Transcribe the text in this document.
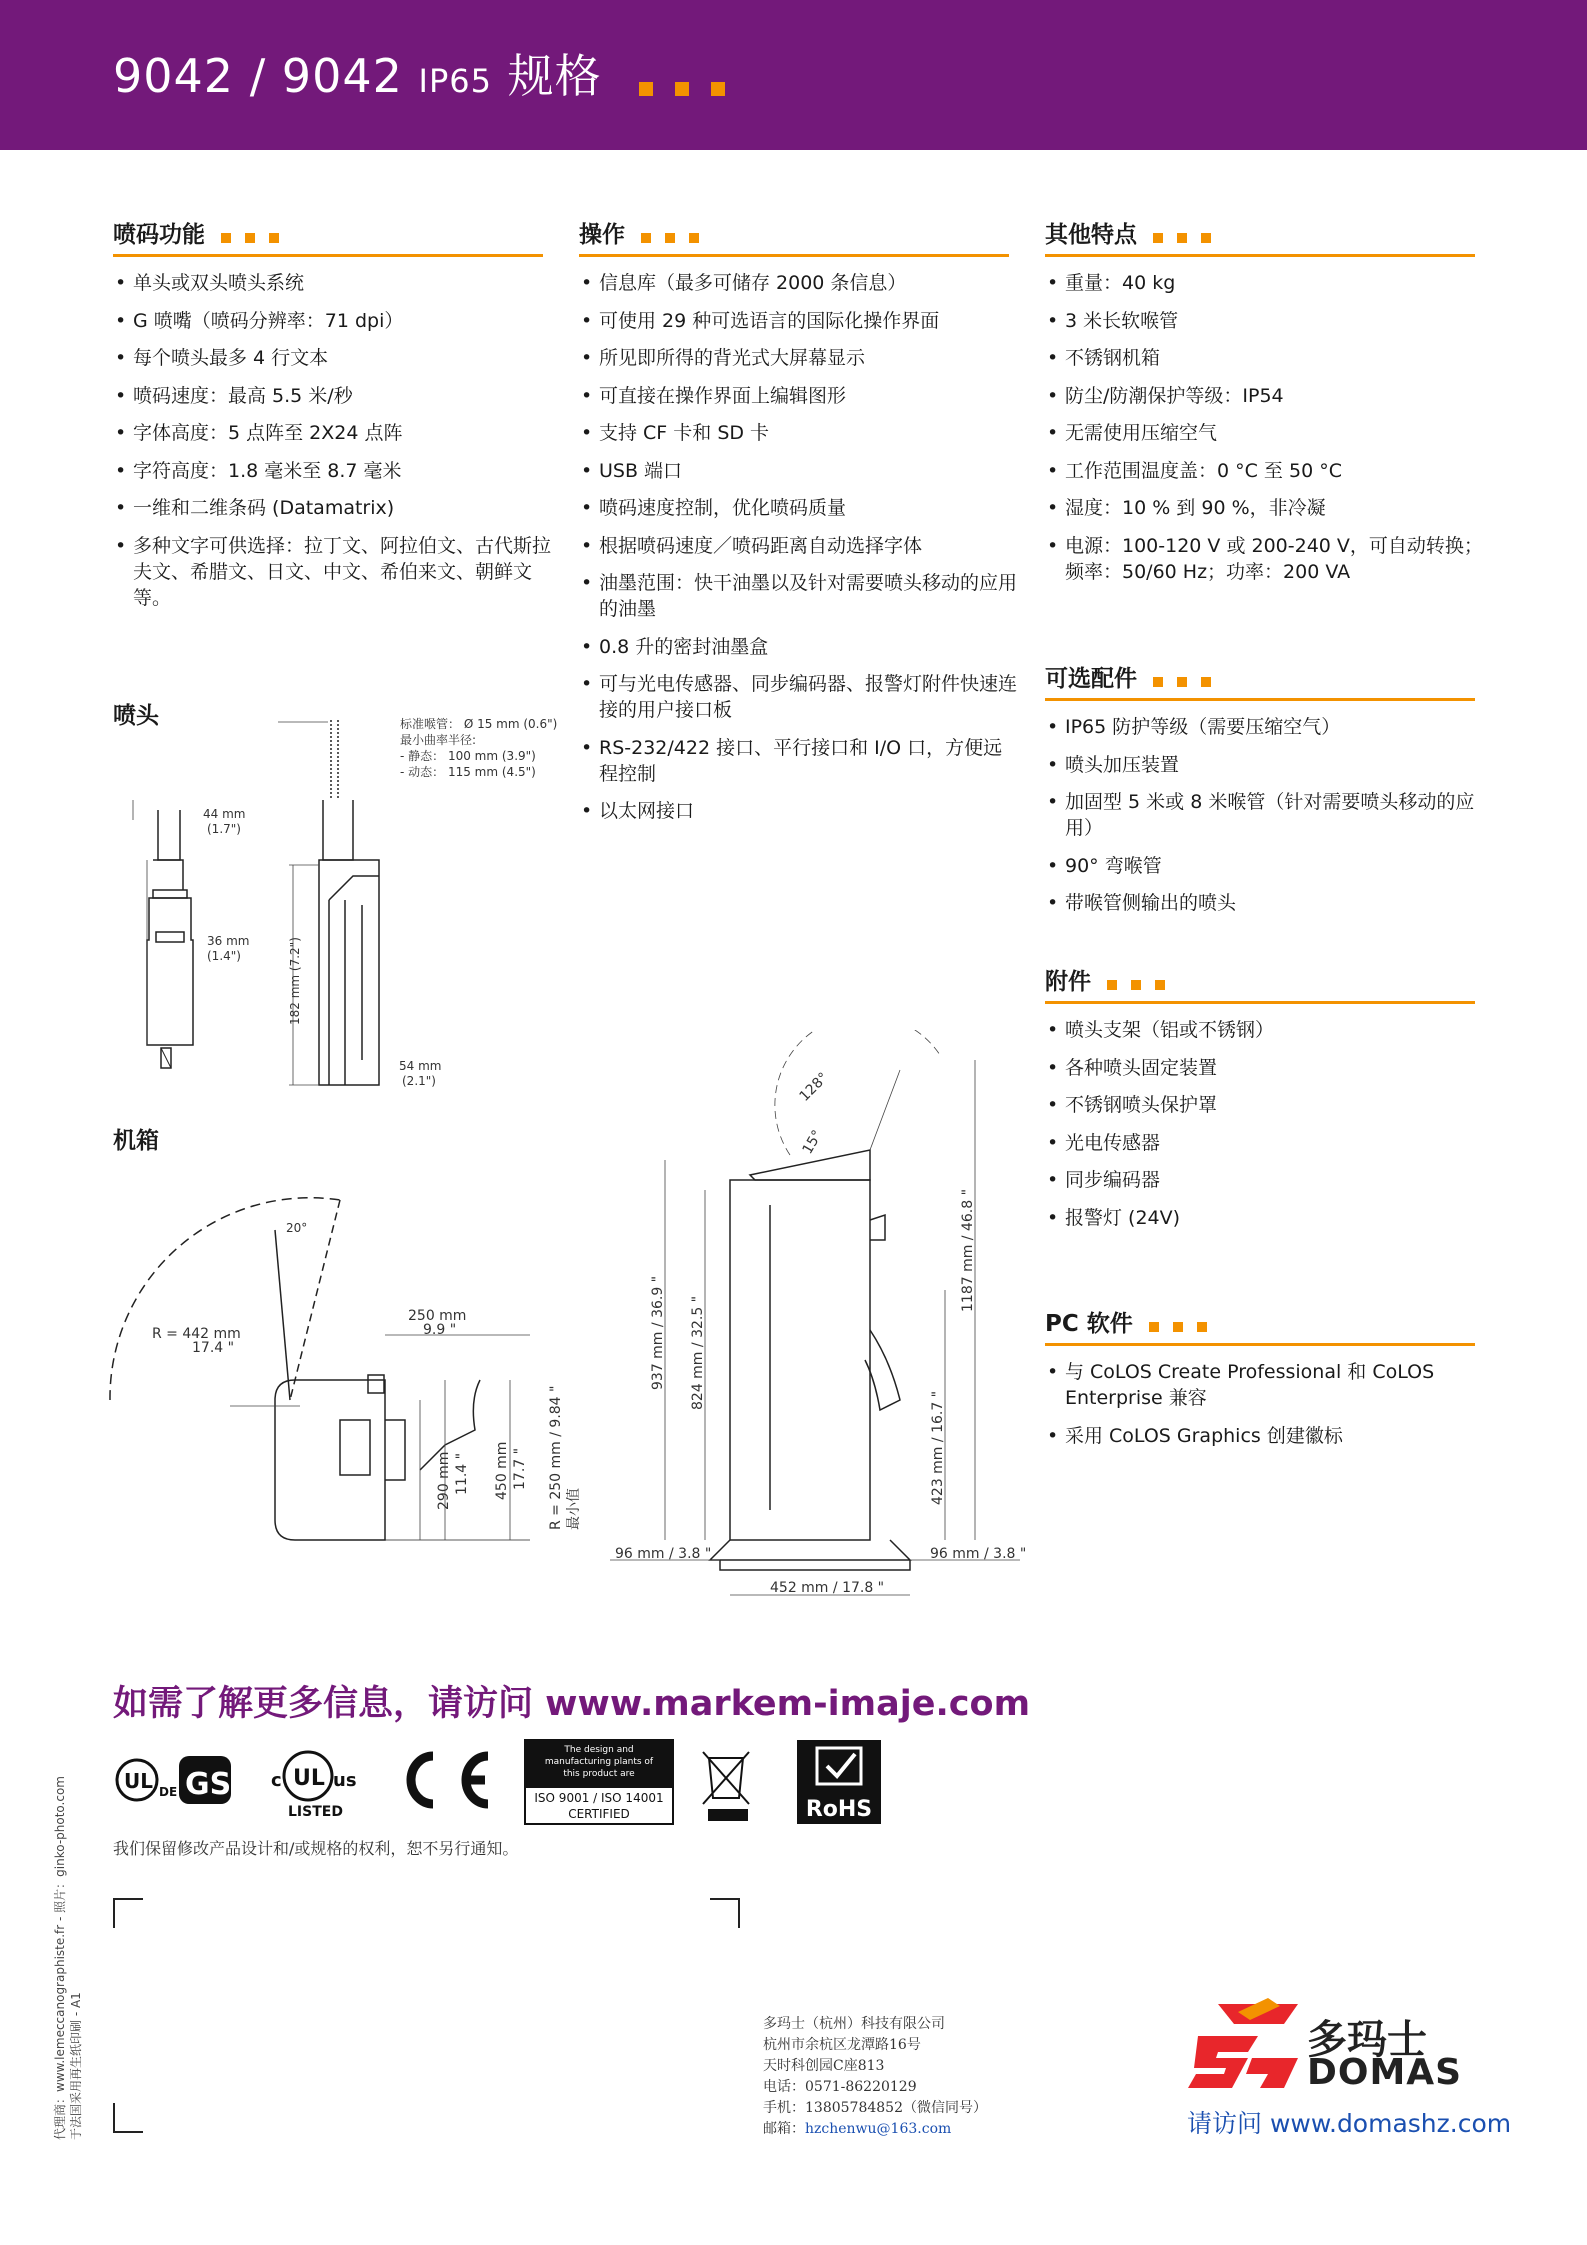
9042 / 9042 IP65 规格
喷码功能
• 单头或双头喷头系统
• G 喷嘴（喷码分辨率：71 dpi）
• 每个喷头最多 4 行文本
• 喷码速度：最高 5.5 米/秒
• 字体高度：5 点阵至 2X24 点阵
• 字符高度：1.8 毫米至 8.7 毫米
• 一维和二维条码 (Datamatrix)
• 多种文字可供选择：拉丁文、阿拉伯文、古代斯拉夫文、希腊文、日文、中文、希伯来文、朝鲜文等。
操作
• 信息库（最多可储存 2000 条信息）
• 可使用 29 种可选语言的国际化操作界面
• 所见即所得的背光式大屏幕显示
• 可直接在操作界面上编辑图形
• 支持 CF 卡和 SD 卡
• USB 端口
• 喷码速度控制，优化喷码质量
• 根据喷码速度／喷码距离自动选择字体
• 油墨范围：快干油墨以及针对需要喷头移动的应用的油墨
• 0.8 升的密封油墨盒
• 可与光电传感器、同步编码器、报警灯附件快速连接的用户接口板
• RS-232/422 接口、平行接口和 I/O 口，方便远程控制
• 以太网接口
其他特点
• 重量：40 kg
• 3 米长软喉管
• 不锈钢机箱
• 防尘/防潮保护等级：IP54
• 无需使用压缩空气
• 工作范围温度盖：0 °C 至 50 °C
• 湿度：10 % 到 90 %，非冷凝
• 电源：100-120 V 或 200-240 V，可自动转换；频率：50/60 Hz；功率：200 VA
可选配件
• IP65 防护等级（需要压缩空气）
• 喷头加压装置
• 加固型 5 米或 8 米喉管（针对需要喷头移动的应用）
• 90° 弯喉管
• 带喉管侧输出的喷头
附件
• 喷头支架（铝或不锈钢）
• 各种喷头固定装置
• 不锈钢喷头保护罩
• 光电传感器
• 同步编码器
• 报警灯 (24V)
PC 软件
• 与 CoLOS Create Professional 和 CoLOS Enterprise 兼容
• 采用 CoLOS Graphics 创建徽标
喷头
44 mm
(1.7")
36 mm
(1.4")
54 mm
(2.1")
182 mm (7.2")
标准喉管： Ø 15 mm (0.6")
最小曲率半径:
- 静态： 100 mm (3.9")
- 动态： 115 mm (4.5")
机箱
20°
R = 442 mm
17.4 "
250 mm
9.9 "
290 mm 11.4 " 450 mm 17.7 " R = 250 mm / 9.84 " 最小值
128°
15°
937 mm / 36.9 " 824 mm / 32.5 "
1187 mm / 46.8 "
423 mm / 16.7 "
96 mm / 3.8 "	96 mm / 3.8 "
452 mm / 17.8 "
如需了解更多信息，请访问 www.markem-imaje.com
UL DE GS c UL us
LISTED
The design and
manufacturing plants of
this product are
ISO 9001 / ISO 14001
CERTIFIED	RoHS
我们保留修改产品设计和/或规格的权利，恕不另行通知。
代理商：www.lemeccanographiste.fr - 照片：ginko-photo.com 于法国采用再生纸印刷 - A1	多玛士（杭州）科技有限公司
杭州市余杭区龙潭路16号
天时科创园C座813
电话：0571-86220129
手机：13805784852（微信同号）
邮箱：hzchenwu@163.com
多玛士
DOMAS
请访问 www.domashz.com
